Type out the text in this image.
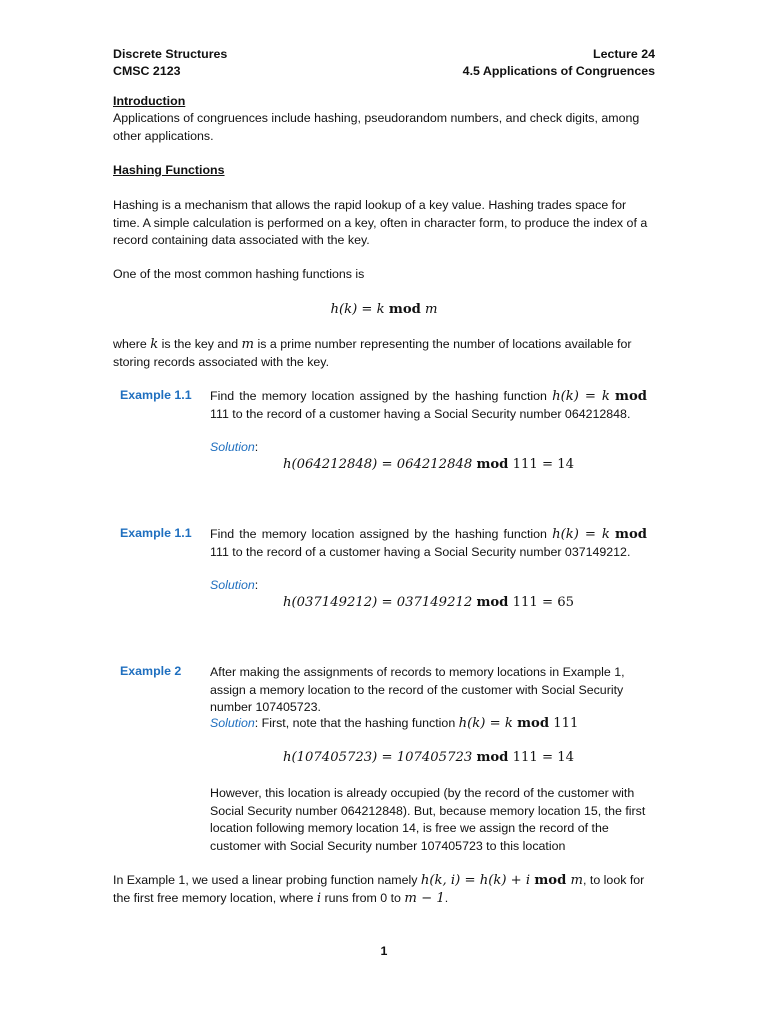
Discrete Structures
CMSC 2123
Lecture 24
4.5 Applications of Congruences
Introduction
Applications of congruences include hashing, pseudorandom numbers, and check digits, among other applications.
Hashing Functions
Hashing is a mechanism that allows the rapid lookup of a key value. Hashing trades space for time. A simple calculation is performed on a key, often in character form, to produce the index of a record containing data associated with the key.
One of the most common hashing functions is
h(k) = k mod m
where k is the key and m is a prime number representing the number of locations available for storing records associated with the key.
Example 1.1 Find the memory location assigned by the hashing function h(k) = k mod 111 to the record of a customer having a Social Security number 064212848.
Solution:
h(064212848) = 064212848 mod 111 = 14
Example 1.1 Find the memory location assigned by the hashing function h(k) = k mod 111 to the record of a customer having a Social Security number 037149212.
Solution:
h(037149212) = 037149212 mod 111 = 65
Example 2 After making the assignments of records to memory locations in Example 1, assign a memory location to the record of the customer with Social Security number 107405723.
Solution: First, note that the hashing function h(k) = k mod 111
h(107405723) = 107405723 mod 111 = 14
However, this location is already occupied (by the record of the customer with Social Security number 064212848). But, because memory location 15, the first location following memory location 14, is free we assign the record of the customer with Social Security number 107405723 to this location
In Example 1, we used a linear probing function namely h(k, i) = h(k) + i mod m, to look for the first free memory location, where i runs from 0 to m − 1.
1
